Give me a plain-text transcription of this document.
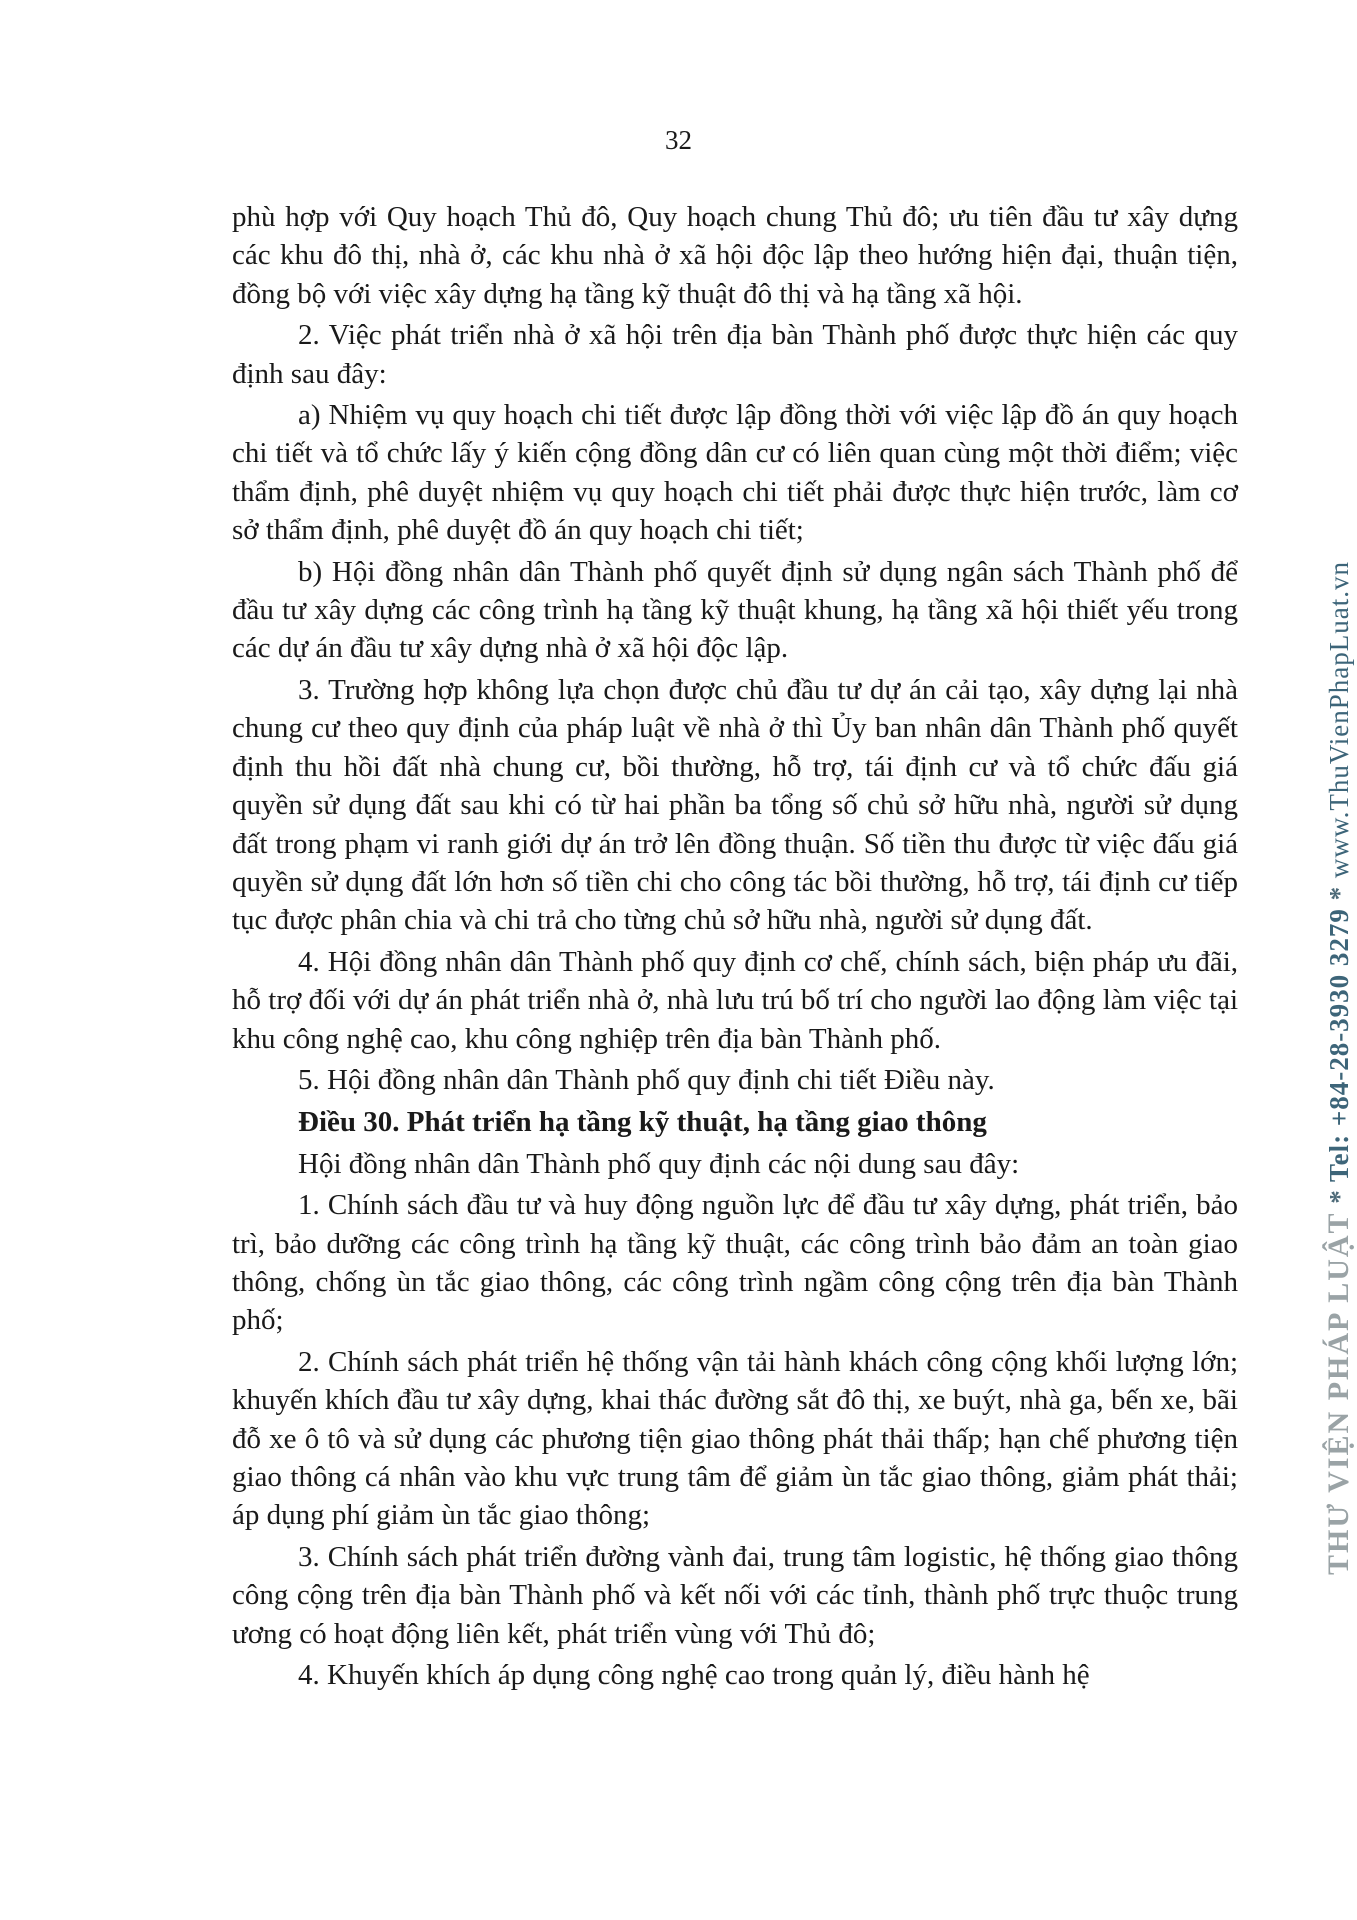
32

phù hợp với Quy hoạch Thủ đô, Quy hoạch chung Thủ đô; ưu tiên đầu tư xây dựng các khu đô thị, nhà ở, các khu nhà ở xã hội độc lập theo hướng hiện đại, thuận tiện, đồng bộ với việc xây dựng hạ tầng kỹ thuật đô thị và hạ tầng xã hội.

2. Việc phát triển nhà ở xã hội trên địa bàn Thành phố được thực hiện các quy định sau đây:

a) Nhiệm vụ quy hoạch chi tiết được lập đồng thời với việc lập đồ án quy hoạch chi tiết và tổ chức lấy ý kiến cộng đồng dân cư có liên quan cùng một thời điểm; việc thẩm định, phê duyệt nhiệm vụ quy hoạch chi tiết phải được thực hiện trước, làm cơ sở thẩm định, phê duyệt đồ án quy hoạch chi tiết;

b) Hội đồng nhân dân Thành phố quyết định sử dụng ngân sách Thành phố để đầu tư xây dựng các công trình hạ tầng kỹ thuật khung, hạ tầng xã hội thiết yếu trong các dự án đầu tư xây dựng nhà ở xã hội độc lập.

3. Trường hợp không lựa chọn được chủ đầu tư dự án cải tạo, xây dựng lại nhà chung cư theo quy định của pháp luật về nhà ở thì Ủy ban nhân dân Thành phố quyết định thu hồi đất nhà chung cư, bồi thường, hỗ trợ, tái định cư và tổ chức đấu giá quyền sử dụng đất sau khi có từ hai phần ba tổng số chủ sở hữu nhà, người sử dụng đất trong phạm vi ranh giới dự án trở lên đồng thuận. Số tiền thu được từ việc đấu giá quyền sử dụng đất lớn hơn số tiền chi cho công tác bồi thường, hỗ trợ, tái định cư tiếp tục được phân chia và chi trả cho từng chủ sở hữu nhà, người sử dụng đất.

4. Hội đồng nhân dân Thành phố quy định cơ chế, chính sách, biện pháp ưu đãi, hỗ trợ đối với dự án phát triển nhà ở, nhà lưu trú bố trí cho người lao động làm việc tại khu công nghệ cao, khu công nghiệp trên địa bàn Thành phố.

5. Hội đồng nhân dân Thành phố quy định chi tiết Điều này.

Điều 30. Phát triển hạ tầng kỹ thuật, hạ tầng giao thông

Hội đồng nhân dân Thành phố quy định các nội dung sau đây:

1. Chính sách đầu tư và huy động nguồn lực để đầu tư xây dựng, phát triển, bảo trì, bảo dưỡng các công trình hạ tầng kỹ thuật, các công trình bảo đảm an toàn giao thông, chống ùn tắc giao thông, các công trình ngầm công cộng trên địa bàn Thành phố;

2. Chính sách phát triển hệ thống vận tải hành khách công cộng khối lượng lớn; khuyến khích đầu tư xây dựng, khai thác đường sắt đô thị, xe buýt, nhà ga, bến xe, bãi đỗ xe ô tô và sử dụng các phương tiện giao thông phát thải thấp; hạn chế phương tiện giao thông cá nhân vào khu vực trung tâm để giảm ùn tắc giao thông, giảm phát thải; áp dụng phí giảm ùn tắc giao thông;

3. Chính sách phát triển đường vành đai, trung tâm logistic, hệ thống giao thông công cộng trên địa bàn Thành phố và kết nối với các tỉnh, thành phố trực thuộc trung ương có hoạt động liên kết, phát triển vùng với Thủ đô;

4. Khuyến khích áp dụng công nghệ cao trong quản lý, điều hành hệ

THƯ VIỆN PHÁP LUẬT * Tel: +84-28-3930 3279 * www.ThuVienPhapLuat.vn
